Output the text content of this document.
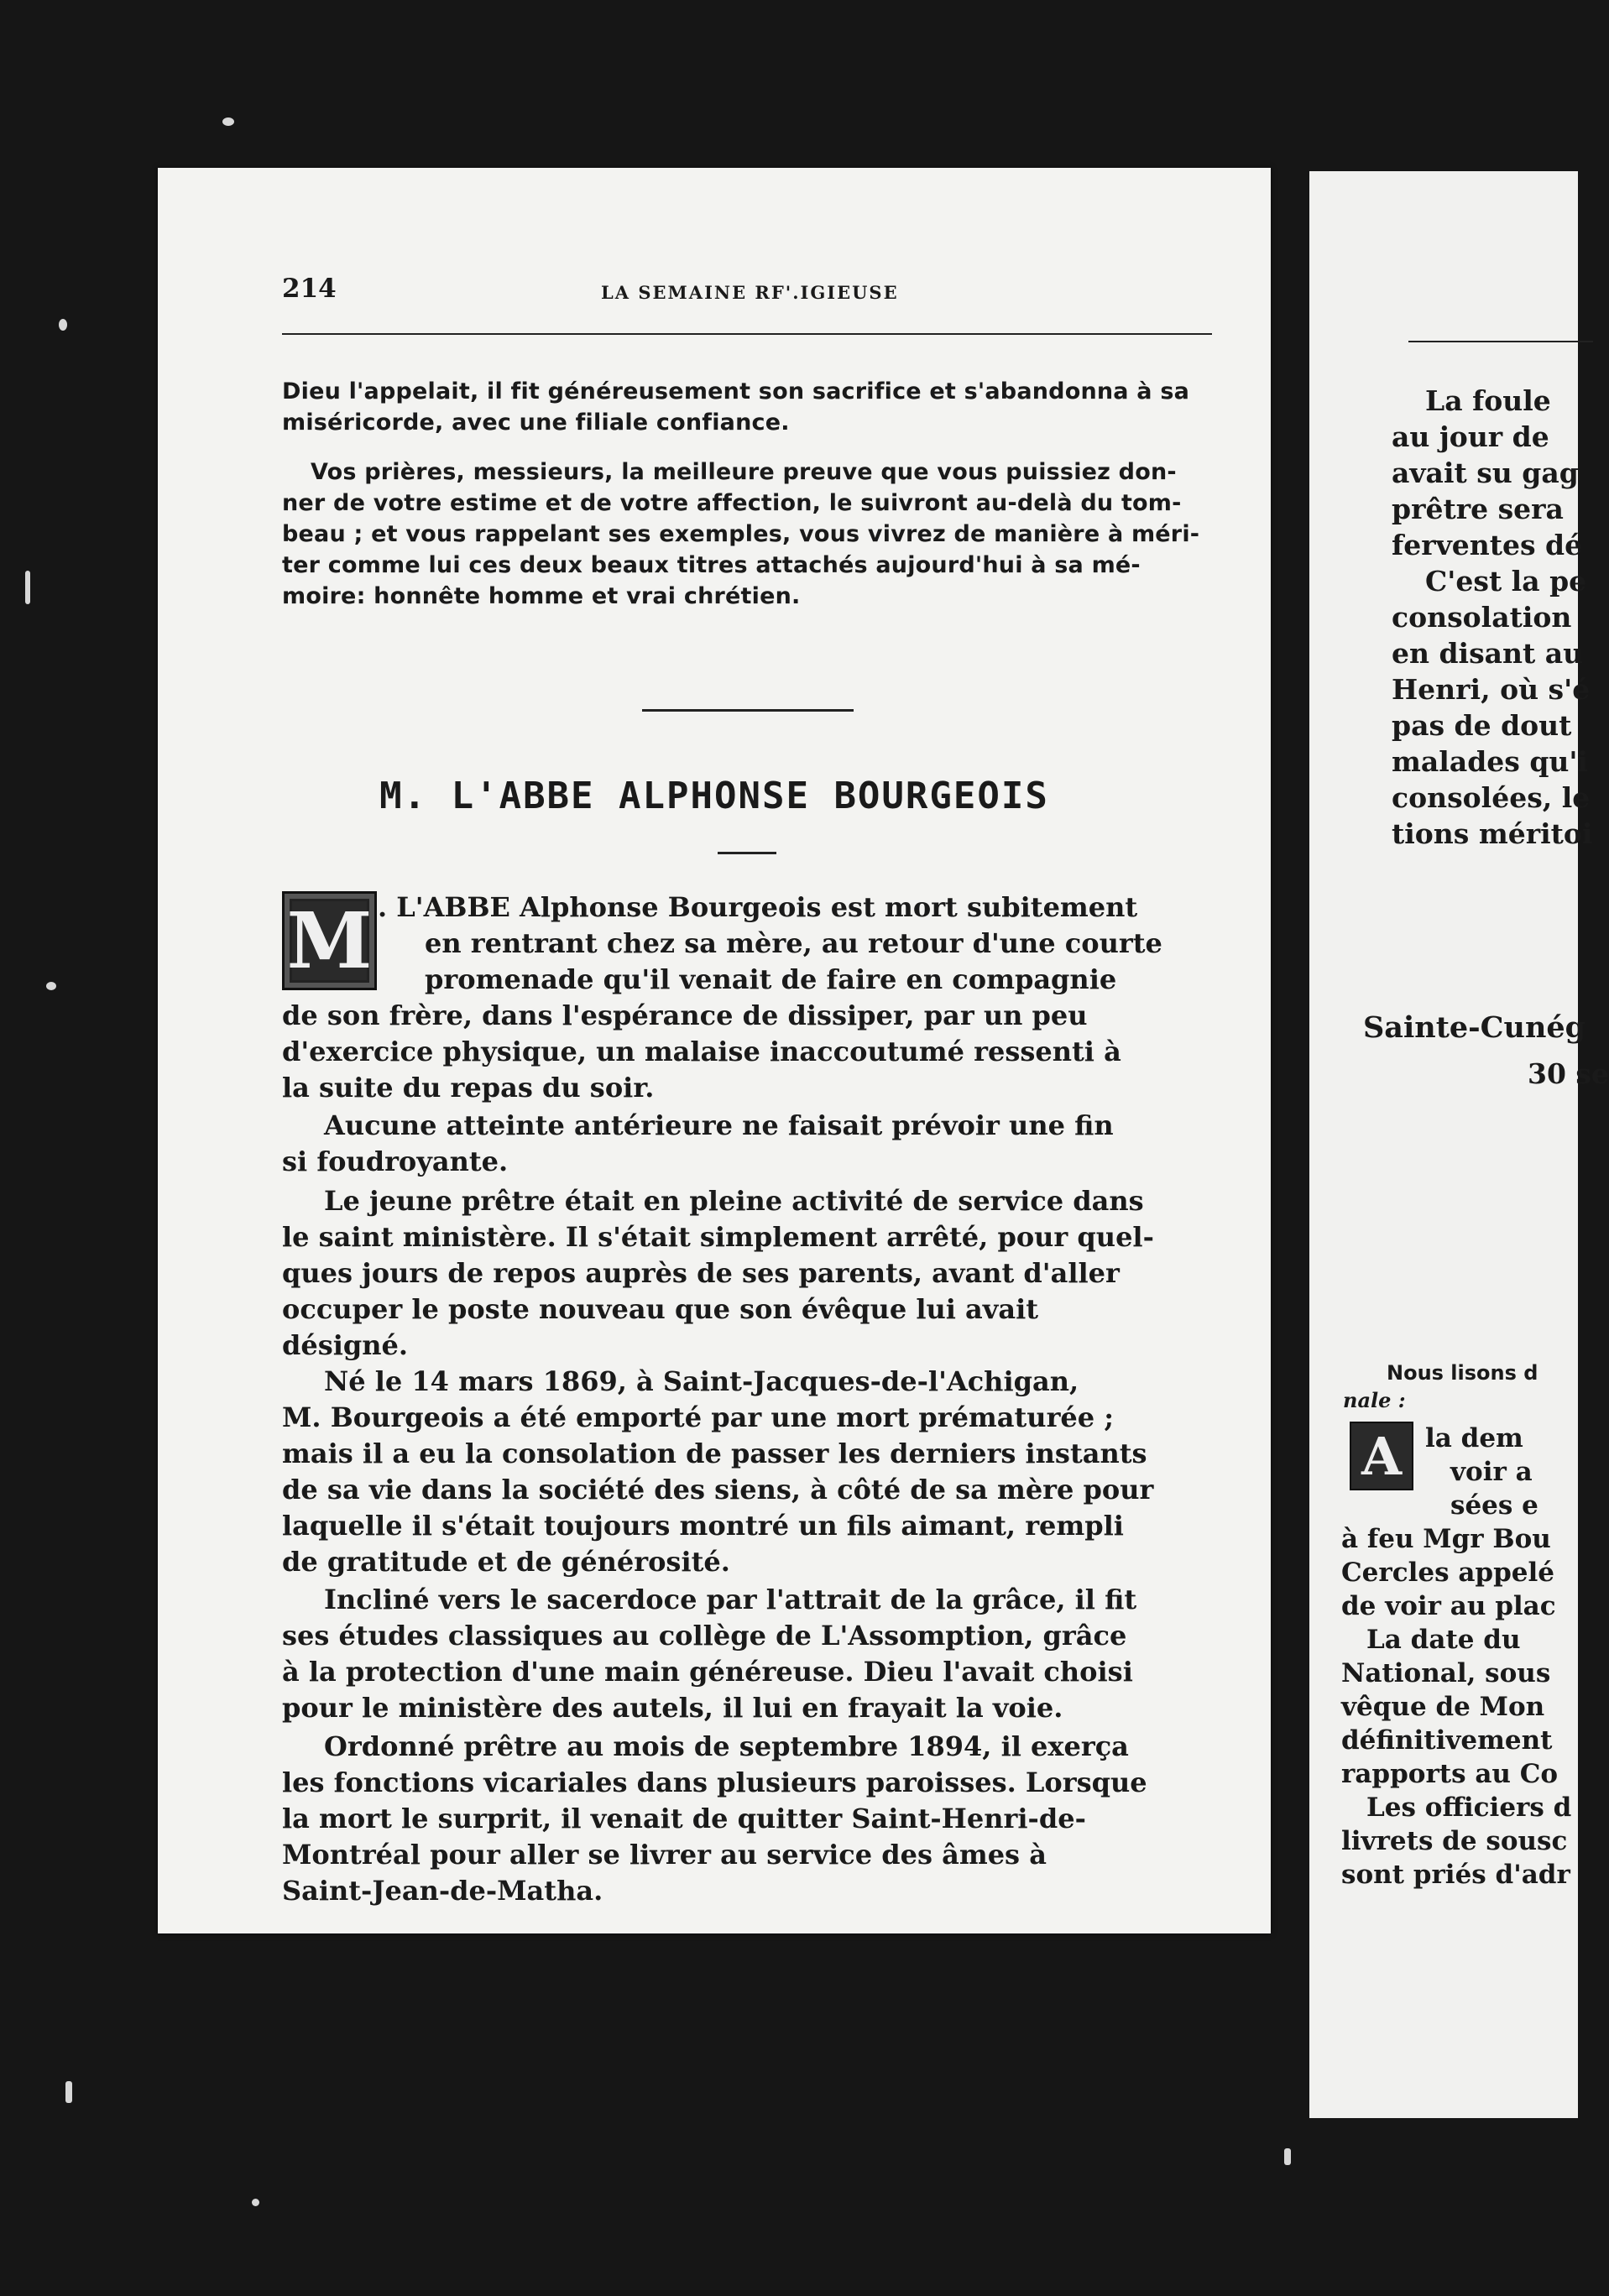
214	LA SEMAINE RF'.IGIEUSE
Dieu l'appelait, il fit généreusement son sacrifice et s'abandonna à sa
miséricorde, avec une filiale confiance.
Vos prières, messieurs, la meilleure preuve que vous puissiez don-
ner de votre estime et de votre affection, le suivront au-delà du tom-
beau ; et vous rappelant ses exemples, vous vivrez de manière à méri-
ter comme lui ces deux beaux titres attachés aujourd'hui à sa mé-
moire: honnête homme et vrai chrétien.
M. L'ABBE ALPHONSE BOURGEOIS
M . L'ABBE Alphonse Bourgeois est mort subitement
en rentrant chez sa mère, au retour d'une courte
promenade qu'il venait de faire en compagnie
de son frère, dans l'espérance de dissiper, par un peu
d'exercice physique, un malaise inaccoutumé ressenti à
la suite du repas du soir.
Aucune atteinte antérieure ne faisait prévoir une fin
si foudroyante.
Le jeune prêtre était en pleine activité de service dans
le saint ministère. Il s'était simplement arrêté, pour quel-
ques jours de repos auprès de ses parents, avant d'aller
occuper le poste nouveau que son évêque lui avait
désigné.
Né le 14 mars 1869, à Saint-Jacques-de-l'Achigan,
M. Bourgeois a été emporté par une mort prématurée ;
mais il a eu la consolation de passer les derniers instants
de sa vie dans la société des siens, à côté de sa mère pour
laquelle il s'était toujours montré un fils aimant, rempli
de gratitude et de générosité.
Incliné vers le sacerdoce par l'attrait de la grâce, il fit
ses études classiques au collège de L'Assomption, grâce
à la protection d'une main généreuse. Dieu l'avait choisi
pour le ministère des autels, il lui en frayait la voie.
Ordonné prêtre au mois de septembre 1894, il exerça
les fonctions vicariales dans plusieurs paroisses. Lorsque
la mort le surprit, il venait de quitter Saint-Henri-de-
Montréal pour aller se livrer au service des âmes à
Saint-Jean-de-Matha.
La foule
au jour de
avait su gag
prêtre sera
ferventes dé
C'est la pe
consolation
en disant au
Henri, où s'é
pas de dout
malades qu'i
consolées, le
tions méritoi
Sainte-Cunég
30 se
Nous lisons d
nale :
A la dem
voir a
sées e
à feu Mgr Bou
Cercles appelé
de voir au plac
La date du
National, sous
vêque de Mon
définitivement
rapports au Co
Les officiers d
livrets de sousc
sont priés d'adr
